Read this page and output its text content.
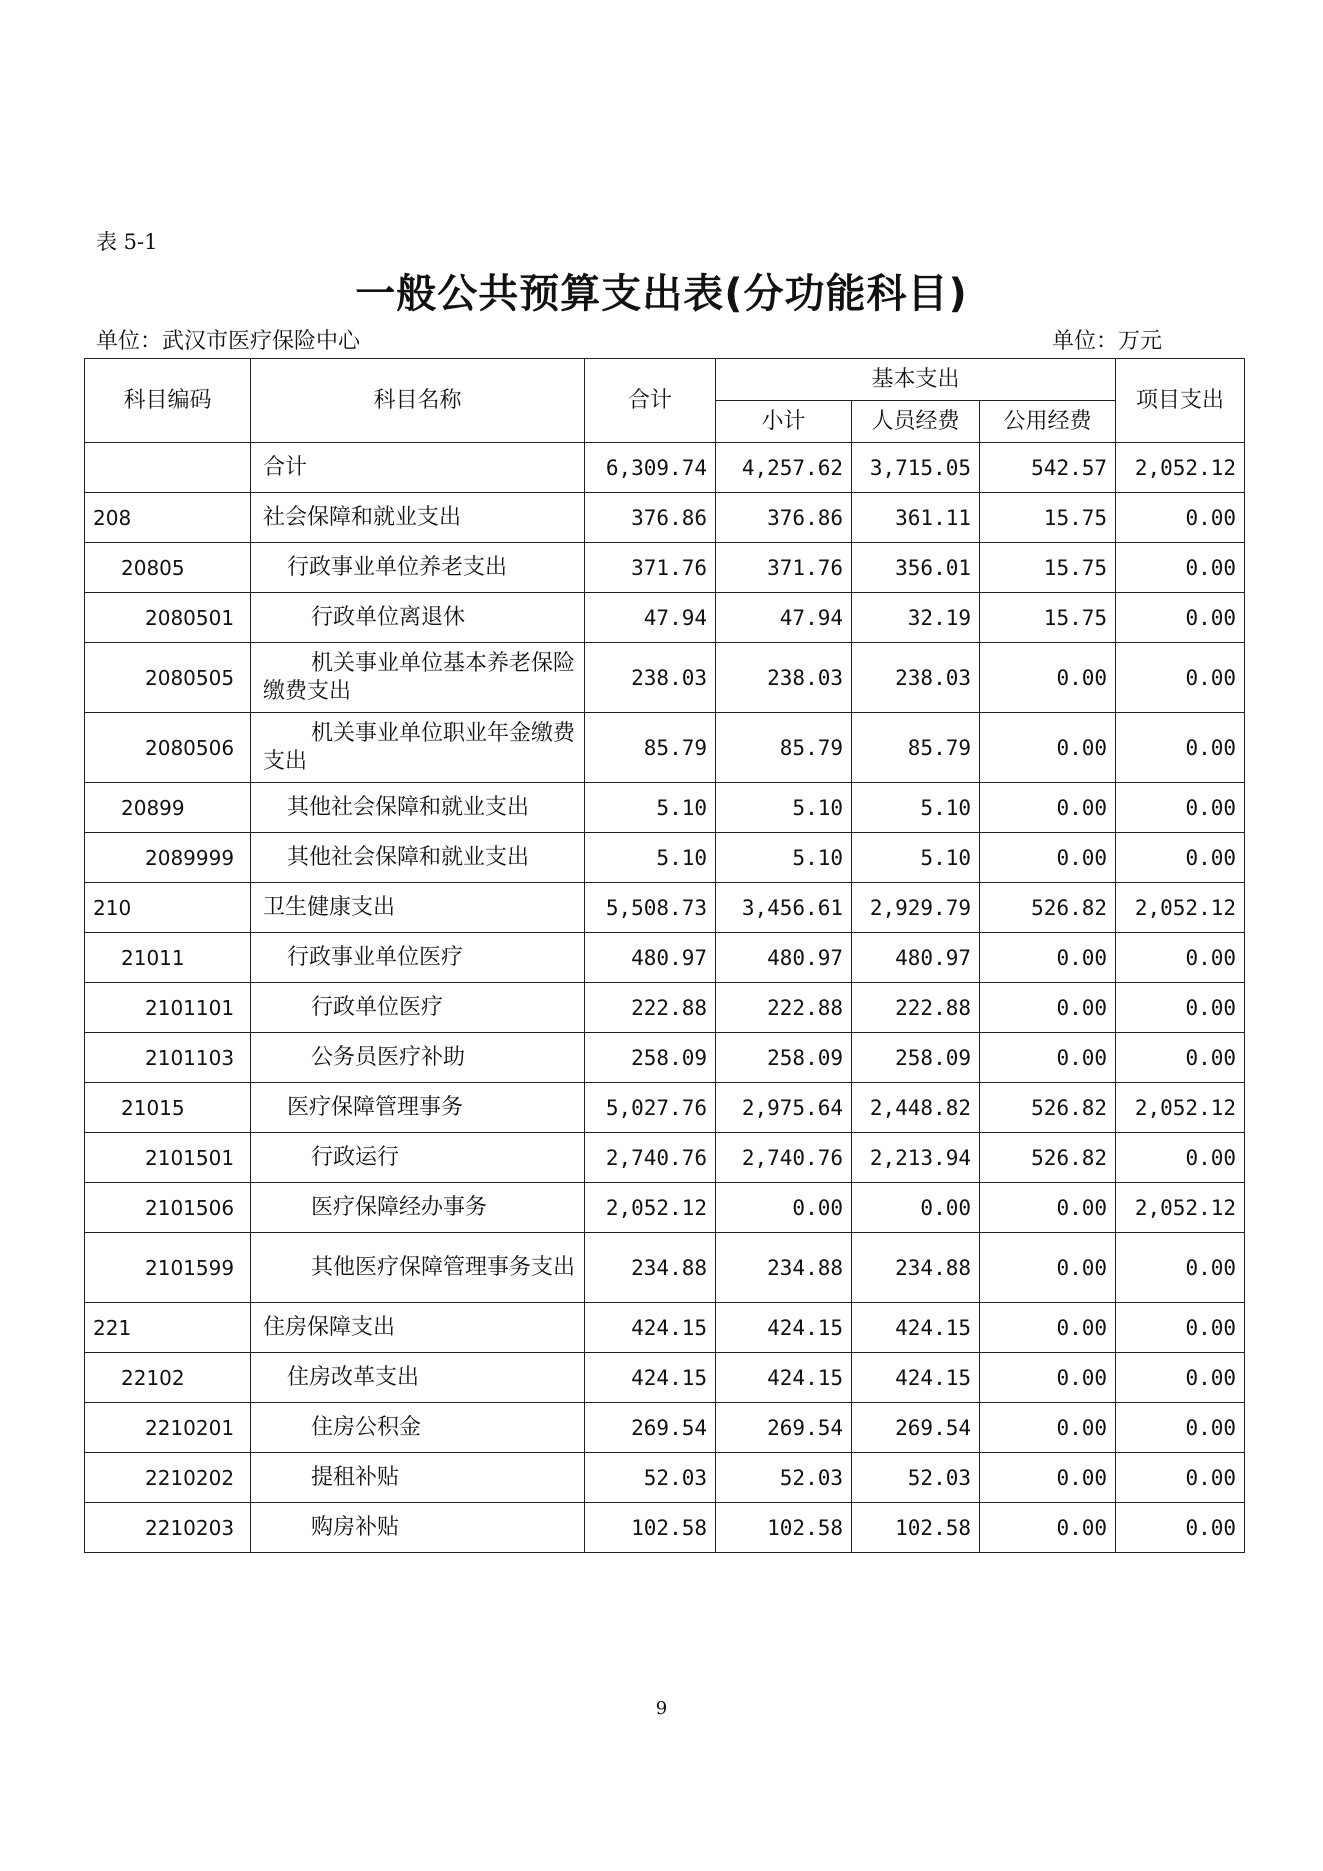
表 5-1
一般公共预算支出表(分功能科目)
单位：武汉市医疗保险中心	单位：万元
科目编码	科目名称	合计	基本支出			项目支出
			小计	人员经费	公用经费	
	合计	6,309.74	4,257.62	3,715.05	542.57	2,052.12
208	社会保障和就业支出	376.86	376.86	361.11	15.75	0.00
20805	行政事业单位养老支出	371.76	371.76	356.01	15.75	0.00
2080501	行政单位离退休	47.94	47.94	32.19	15.75	0.00
2080505	机关事业单位基本养老保险缴费支出	238.03	238.03	238.03	0.00	0.00
2080506	机关事业单位职业年金缴费支出	85.79	85.79	85.79	0.00	0.00
20899	其他社会保障和就业支出	5.10	5.10	5.10	0.00	0.00
2089999	其他社会保障和就业支出	5.10	5.10	5.10	0.00	0.00
210	卫生健康支出	5,508.73	3,456.61	2,929.79	526.82	2,052.12
21011	行政事业单位医疗	480.97	480.97	480.97	0.00	0.00
2101101	行政单位医疗	222.88	222.88	222.88	0.00	0.00
2101103	公务员医疗补助	258.09	258.09	258.09	0.00	0.00
21015	医疗保障管理事务	5,027.76	2,975.64	2,448.82	526.82	2,052.12
2101501	行政运行	2,740.76	2,740.76	2,213.94	526.82	0.00
2101506	医疗保障经办事务	2,052.12	0.00	0.00	0.00	2,052.12
2101599	其他医疗保障管理事务支出	234.88	234.88	234.88	0.00	0.00
221	住房保障支出	424.15	424.15	424.15	0.00	0.00
22102	住房改革支出	424.15	424.15	424.15	0.00	0.00
2210201	住房公积金	269.54	269.54	269.54	0.00	0.00
2210202	提租补贴	52.03	52.03	52.03	0.00	0.00
2210203	购房补贴	102.58	102.58	102.58	0.00	0.00
9
